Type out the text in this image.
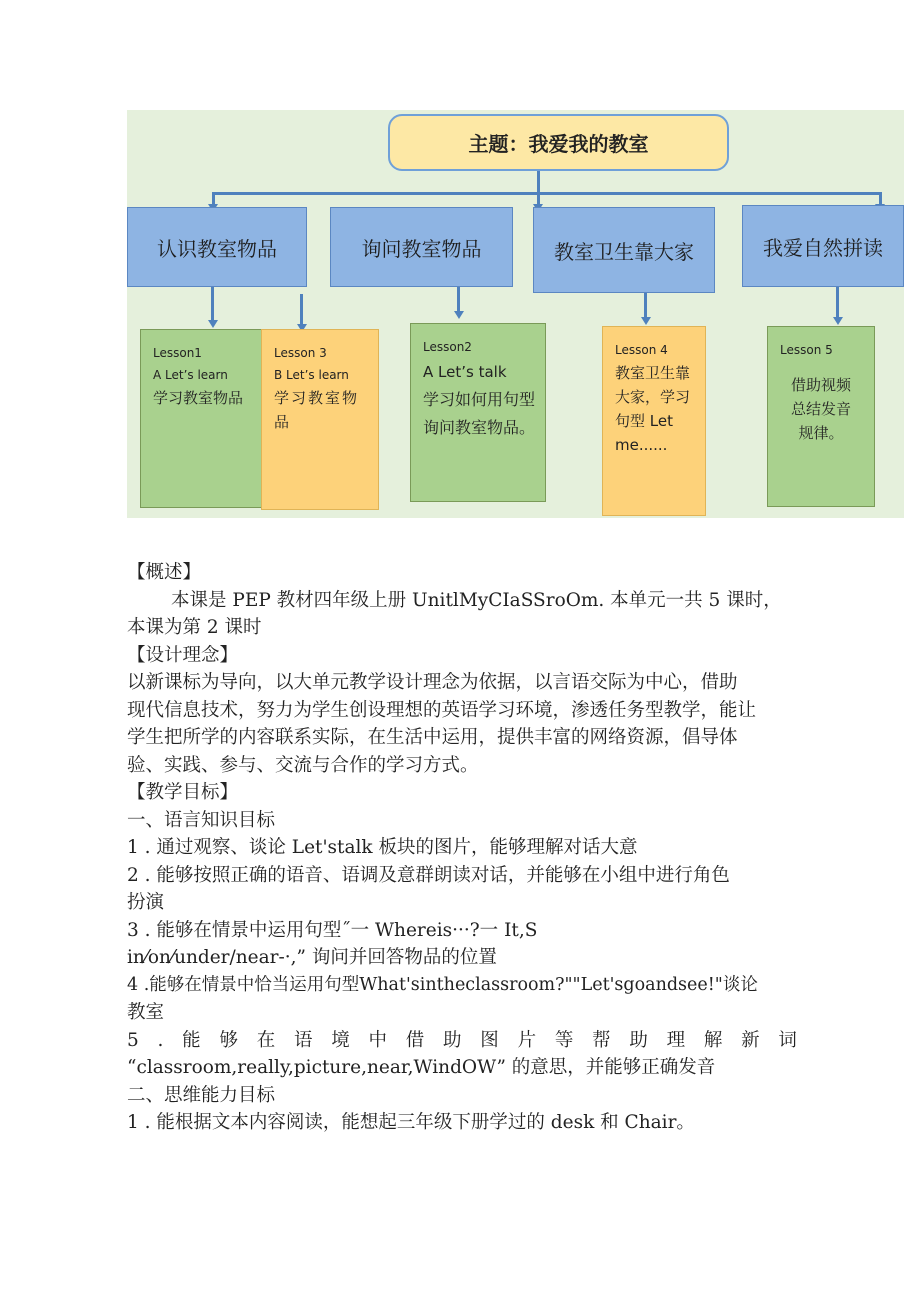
主题：我爱我的教室
认识教室物品	询问教室物品	教室卫生靠大家	我爱自然拼读
Lesson1
A Let’s learn
学习教室物品
Lesson 3
B Let’s learn
学习教室物品
Lesson2
A Let’s talk
学习如何用句型询问教室物品。
Lesson 4
教室卫生靠大家，学习句型 Let me......
Lesson 5
借助视频总结发音规律。

【概述】

本课是 PEP 教材四年级上册 UnitlMyCIaSSroOm. 本单元一共 5 课时，

本课为第 2 课时

【设计理念】

以新课标为导向，以大单元教学设计理念为依据，以言语交际为中心，借助

现代信息技术，努力为学生创设理想的英语学习环境，渗透任务型教学，能让

学生把所学的内容联系实际，在生活中运用，提供丰富的网络资源，倡导体

验、实践、参与、交流与合作的学习方式。

【教学目标】

一、语言知识目标

1 . 通过观察、谈论 Let'stalk 板块的图片，能够理解对话大意

2 . 能够按照正确的语音、语调及意群朗读对话，并能够在小组中进行角色

扮演

3 . 能够在情景中运用句型˝一 Whereis···?一 It‚S

in⁄on⁄under/near-·,” 询问并回答物品的位置

4 .能够在情景中恰当运用句型What'sintheclassroom?""Let'sgoandsee!"谈论

教室

5 . 能 够 在 语 境 中 借 助 图 片 等 帮 助 理 解 新 词

“classroom,really,picture,near,WindOW” 的意思，并能够正确发音

二、思维能力目标

1 . 能根据文本内容阅读，能想起三年级下册学过的 desk 和 Chair。
